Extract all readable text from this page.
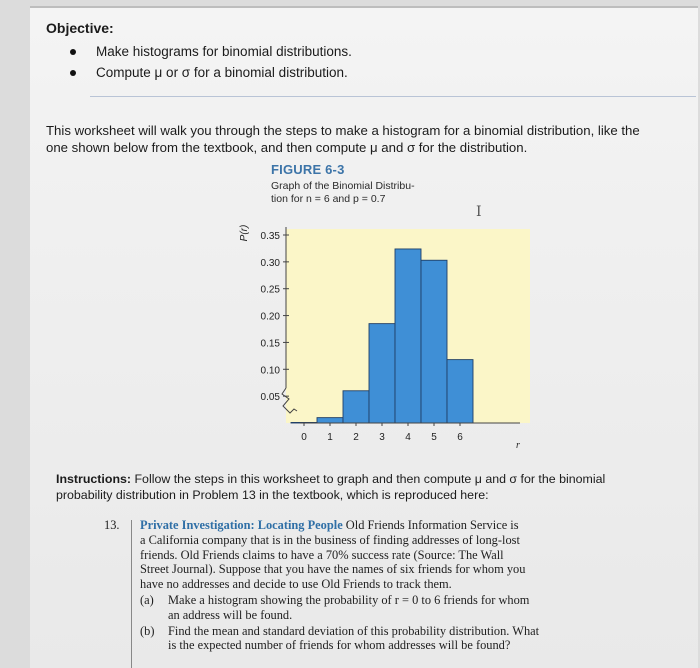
Objective:
Make histograms for binomial distributions.
Compute μ or σ for a binomial distribution.
This worksheet will walk you through the steps to make a histogram for a binomial distribution, like the
one shown below from the textbook, and then compute μ and σ for the distribution.
FIGURE 6-3
Graph of the Binomial Distribu-
tion for n = 6 and p = 0.7
I
0.05
0.10
0.15
0.20
0.25
0.30
0.35
0 1 2 3 4 5 6
P(r)
r
Instructions: Follow the steps in this worksheet to graph and then compute μ and σ for the binomial
probability distribution in Problem 13 in the textbook, which is reproduced here:
13. Private Investigation: Locating People Old Friends Information Service is
a California company that is in the business of finding addresses of long-lost
friends. Old Friends claims to have a 70% success rate (Source: The Wall
Street Journal). Suppose that you have the names of six friends for whom you
have no addresses and decide to use Old Friends to track them.
(a) Make a histogram showing the probability of r = 0 to 6 friends for whom
an address will be found.
(b) Find the mean and standard deviation of this probability distribution. What
is the expected number of friends for whom addresses will be found?
